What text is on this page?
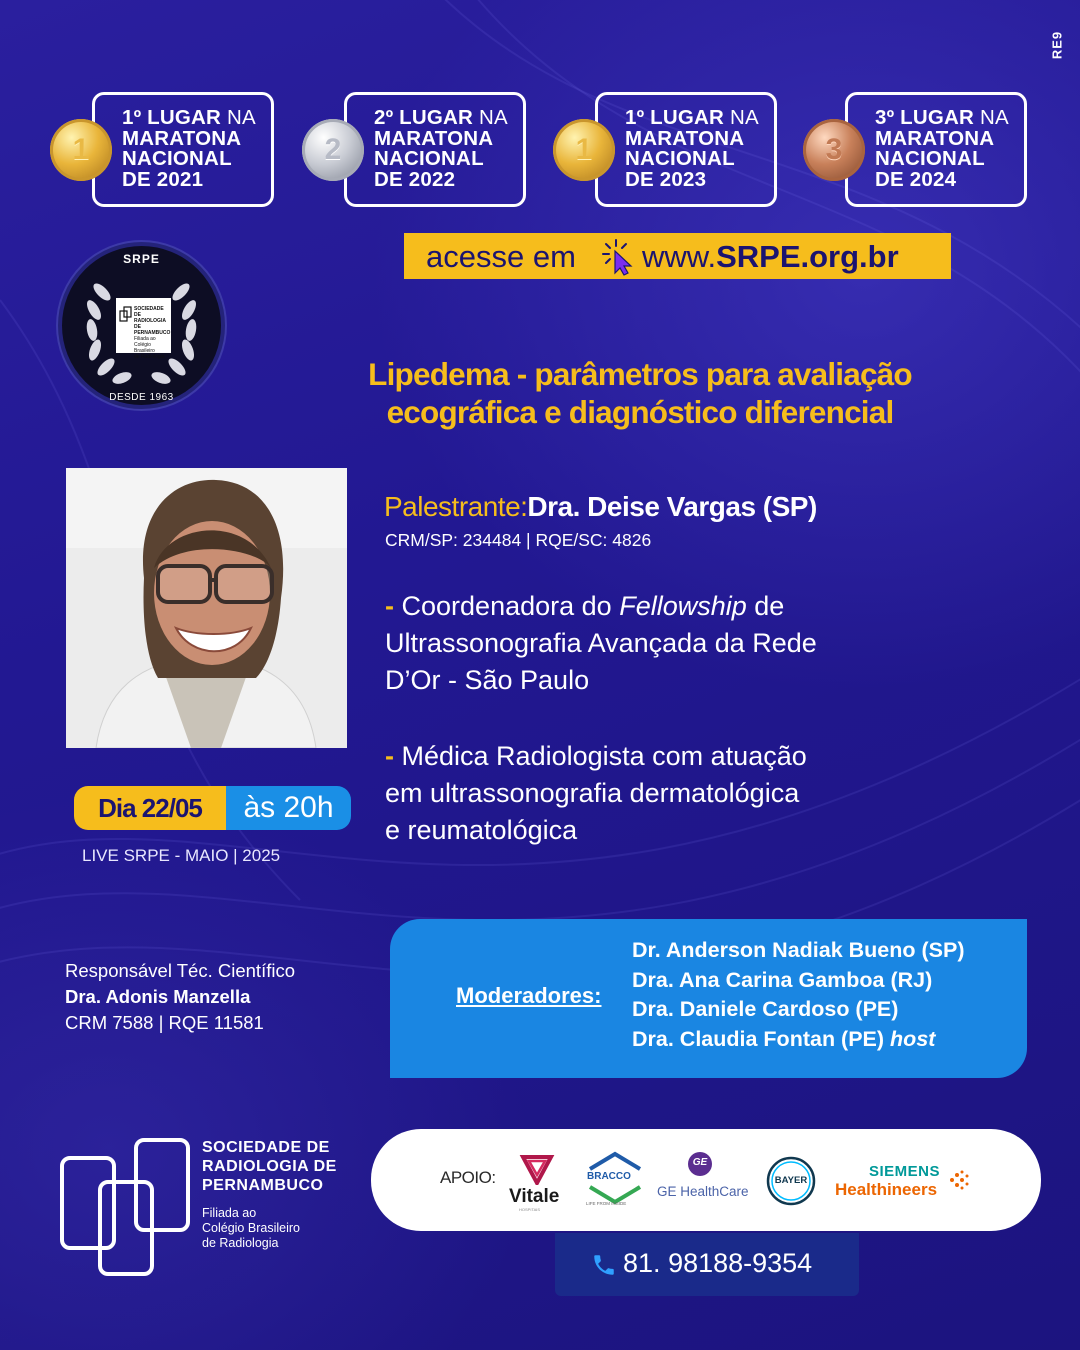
RE9
1
1º LUGAR NA
MARATONA
NACIONAL
DE 2021
2
2º LUGAR NA
MARATONA
NACIONAL
DE 2022
1
1º LUGAR NA
MARATONA
NACIONAL
DE 2023
3
3º LUGAR NA
MARATONA
NACIONAL
DE 2024
acesse em www.SRPE.org.br
SRPE
SOCIEDADE DE
RADIOLOGIA DE
PERNAMBUCO
Filiada ao
Colégio Brasileiro
de Radiologia
DESDE 1963
Lipedema - parâmetros para avaliação
ecográfica e diagnóstico diferencial
Dia 22/05	às 20h
LIVE SRPE - MAIO | 2025
Palestrante:Dra. Deise Vargas (SP)
CRM/SP: 234484 | RQE/SC: 4826
- Coordenadora do Fellowship de
Ultrassonografia Avançada da Rede
D’Or - São Paulo
- Médica Radiologista com atuação
em ultrassonografia dermatológica
e reumatológica
Responsável Téc. Científico
Dra. Adonis Manzella
CRM 7588 | RQE 11581
Moderadores:
Dr. Anderson Nadiak Bueno (SP)
Dra. Ana Carina Gamboa (RJ)
Dra. Daniele Cardoso (PE)
Dra. Claudia Fontan (PE) host
SOCIEDADE DE
RADIOLOGIA DE
PERNAMBUCO
Filiada ao
Colégio Brasileiro
de Radiologia
APOIO:
Vitale
HOSPITAIS
BRACCO
LIFE FROM INSIDE
GE
GE HealthCare
BAYER
SIEMENS
Healthineers
81. 98188-9354
